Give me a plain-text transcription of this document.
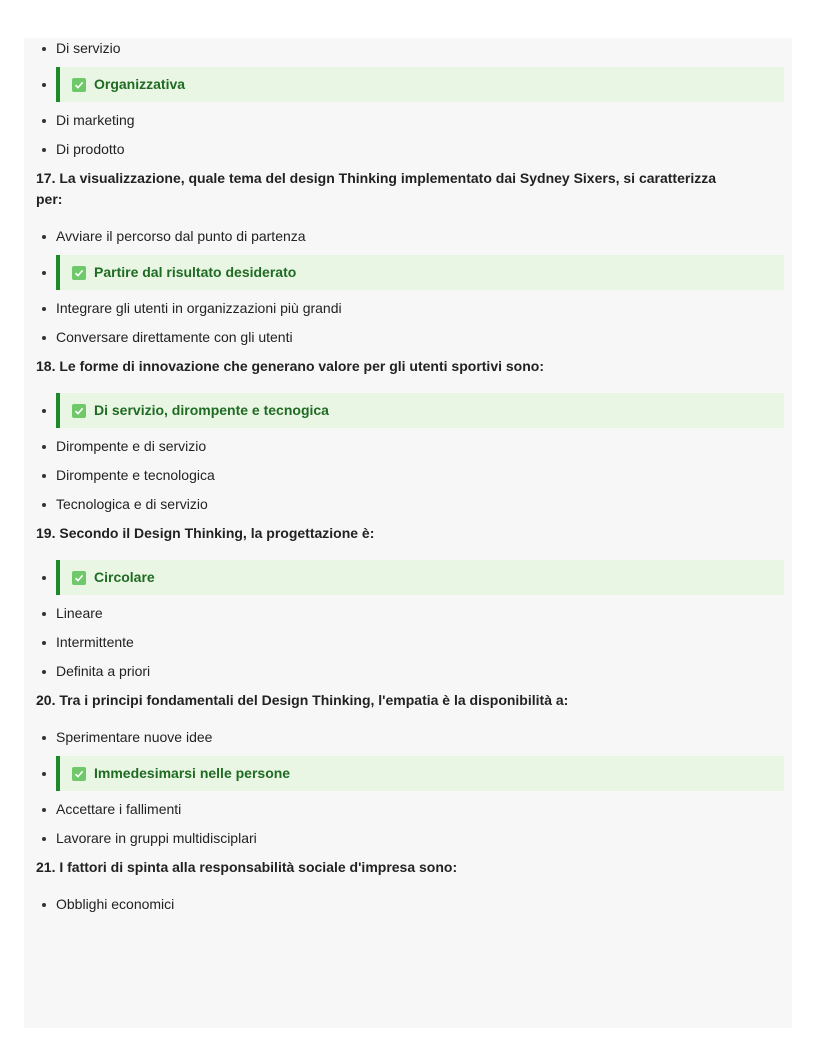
Di servizio
Organizzativa
Di marketing
Di prodotto
17. La visualizzazione, quale tema del design Thinking implementato dai Sydney Sixers, si caratterizza per:
Avviare il percorso dal punto di partenza
Partire dal risultato desiderato
Integrare gli utenti in organizzazioni più grandi
Conversare direttamente con gli utenti
18. Le forme di innovazione che generano valore per gli utenti sportivi sono:
Di servizio, dirompente e tecnogica
Dirompente e di servizio
Dirompente e tecnologica
Tecnologica e di servizio
19. Secondo il Design Thinking, la progettazione è:
Circolare
Lineare
Intermittente
Definita a priori
20. Tra i principi fondamentali del Design Thinking, l'empatia è la disponibilità a:
Sperimentare nuove idee
Immedesimarsi nelle persone
Accettare i fallimenti
Lavorare in gruppi multidisciplari
21. I fattori di spinta alla responsabilità sociale d'impresa sono:
Obblighi economici
